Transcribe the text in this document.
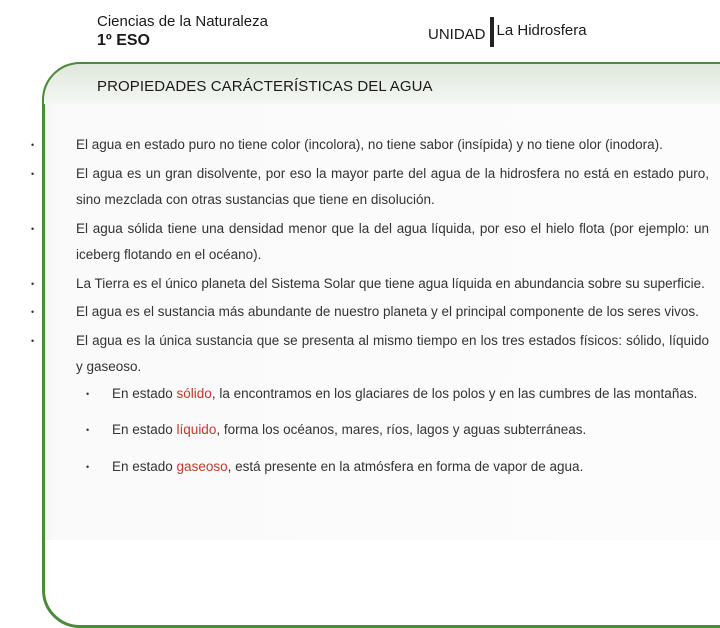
Ciencias de la Naturaleza
1º ESO	UNIDAD La Hidrosfera
PROPIEDADES CARÁCTERÍSTICAS DEL AGUA
•	El agua en estado puro no tiene color (incolora), no tiene sabor (insípida) y no tiene olor (inodora).
•	El agua es un gran disolvente, por eso la mayor parte del agua de la hidrosfera no está en estado puro, sino mezclada con otras sustancias que tiene en disolución.
•	El agua sólida tiene una densidad menor que la del agua líquida, por eso el hielo flota (por ejemplo: un iceberg flotando en el océano).
•	La Tierra es el único planeta del Sistema Solar que tiene agua líquida en abundancia sobre su superficie.
•	El agua es el sustancia más abundante de nuestro planeta y el principal componente de los seres vivos.
•	El agua es la única sustancia que se presenta al mismo tiempo en los tres estados físicos: sólido, líquido y gaseoso.
• En estado sólido, la encontramos en los glaciares de los polos y en las cumbres de las montañas.
• En estado líquido, forma los océanos, mares, ríos, lagos y aguas subterráneas.
• En estado gaseoso, está presente en la atmósfera en forma de vapor de agua.
